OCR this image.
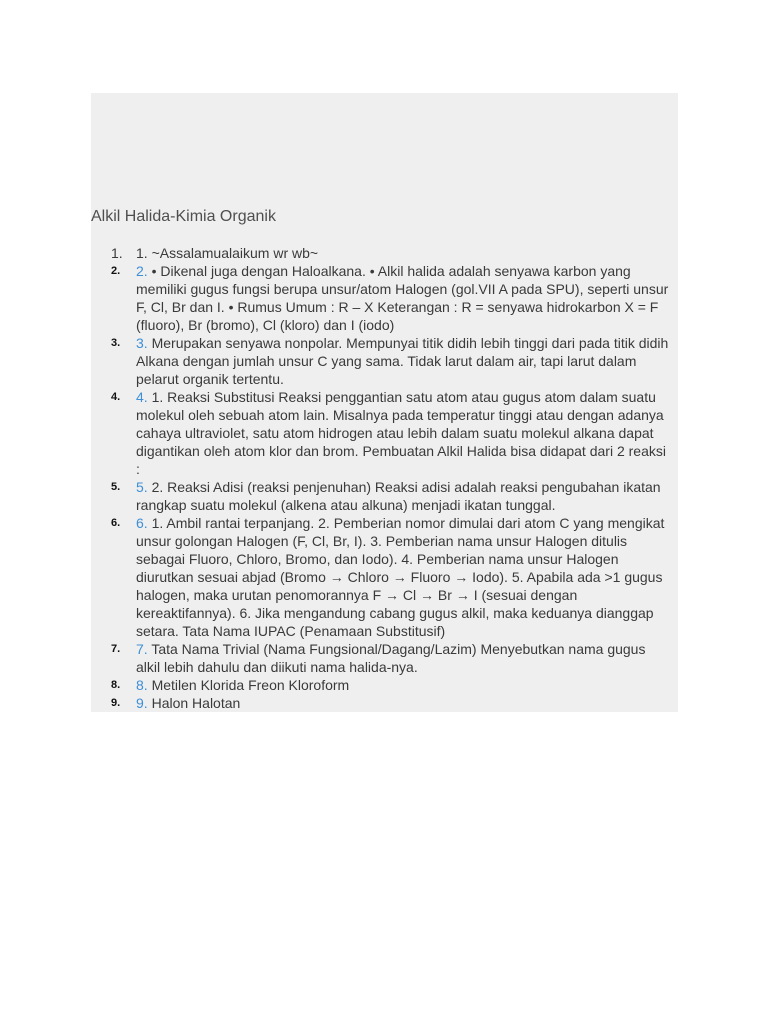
Alkil Halida-Kimia Organik
1. 1. ~Assalamualaikum wr wb~
2.	2. • Dikenal juga dengan Haloalkana. • Alkil halida adalah senyawa karbon yang memiliki gugus fungsi berupa unsur/atom Halogen (gol.VII A pada SPU), seperti unsur F, Cl, Br dan I. • Rumus Umum : R – X Keterangan : R = senyawa hidrokarbon X = F (fluoro), Br (bromo), Cl (kloro) dan I (iodo)
3.	3. Merupakan senyawa nonpolar. Mempunyai titik didih lebih tinggi dari pada titik didih Alkana dengan jumlah unsur C yang sama. Tidak larut dalam air, tapi larut dalam pelarut organik tertentu.
4.	4. 1. Reaksi Substitusi Reaksi penggantian satu atom atau gugus atom dalam suatu molekul oleh sebuah atom lain. Misalnya pada temperatur tinggi atau dengan adanya cahaya ultraviolet, satu atom hidrogen atau lebih dalam suatu molekul alkana dapat digantikan oleh atom klor dan brom. Pembuatan Alkil Halida bisa didapat dari 2 reaksi :
5.	5. 2. Reaksi Adisi (reaksi penjenuhan) Reaksi adisi adalah reaksi pengubahan ikatan rangkap suatu molekul (alkena atau alkuna) menjadi ikatan tunggal.
6.	6. 1. Ambil rantai terpanjang. 2. Pemberian nomor dimulai dari atom C yang mengikat unsur golongan Halogen (F, Cl, Br, I). 3. Pemberian nama unsur Halogen ditulis sebagai Fluoro, Chloro, Bromo, dan Iodo). 4. Pemberian nama unsur Halogen diurutkan sesuai abjad (Bromo → Chloro → Fluoro → Iodo). 5. Apabila ada >1 gugus halogen, maka urutan penomorannya F → Cl → Br → I (sesuai dengan kereaktifannya). 6. Jika mengandung cabang gugus alkil, maka keduanya dianggap setara. Tata Nama IUPAC (Penamaan Substitusif)
7.	7. Tata Nama Trivial (Nama Fungsional/Dagang/Lazim) Menyebutkan nama gugus alkil lebih dahulu dan diikuti nama halida-nya.
8.	8. Metilen Klorida Freon Kloroform
9.	9. Halon Halotan
